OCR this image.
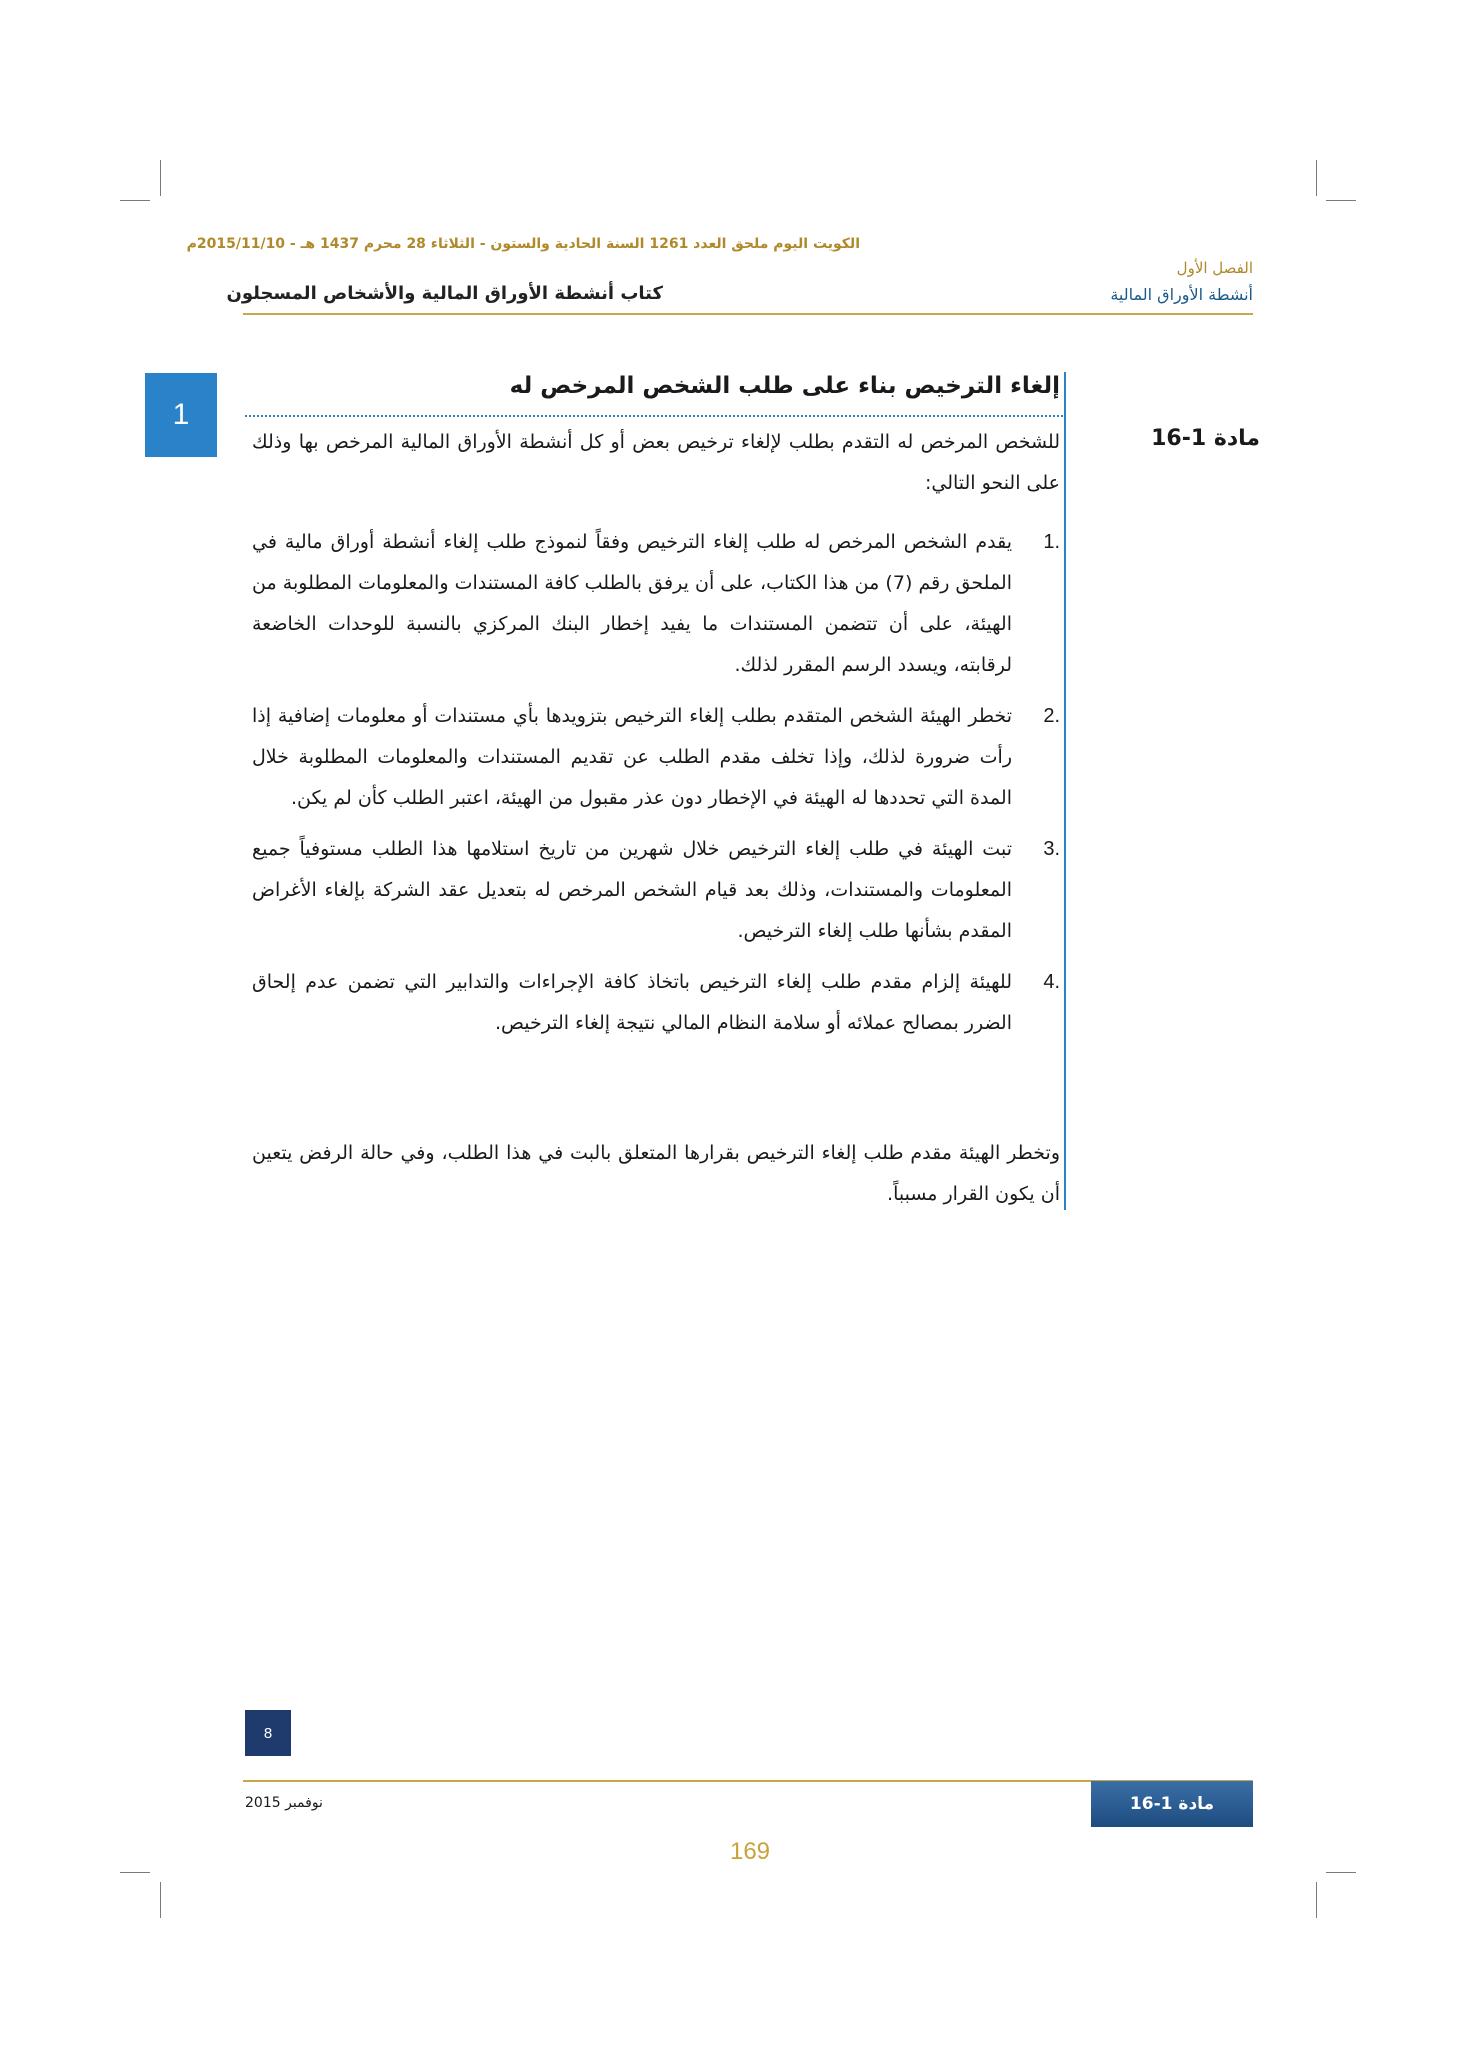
الكويت اليوم ملحق العدد 1261 السنة الحادية والستون - الثلاثاء 28 محرم 1437 هـ - 2015/11/10م
الفصل الأول
أنشطة الأوراق المالية
كتاب أنشطة الأوراق المالية والأشخاص المسجلون
1
مادة 1-16
إلغاء الترخيص بناء على طلب الشخص المرخص له
للشخص المرخص له التقدم بطلب لإلغاء ترخيص بعض أو كل أنشطة الأوراق المالية المرخص بها وذلك على النحو التالي:
.1
يقدم الشخص المرخص له طلب إلغاء الترخيص وفقاً لنموذج طلب إلغاء أنشطة أوراق مالية في الملحق رقم (7) من هذا الكتاب، على أن يرفق بالطلب كافة المستندات والمعلومات المطلوبة من الهيئة، على أن تتضمن المستندات ما يفيد إخطار البنك المركزي بالنسبة للوحدات الخاضعة لرقابته، ويسدد الرسم المقرر لذلك.
.2
تخطر الهيئة الشخص المتقدم بطلب إلغاء الترخيص بتزويدها بأي مستندات أو معلومات إضافية إذا رأت ضرورة لذلك، وإذا تخلف مقدم الطلب عن تقديم المستندات والمعلومات المطلوبة خلال المدة التي تحددها له الهيئة في الإخطار دون عذر مقبول من الهيئة، اعتبر الطلب كأن لم يكن.
.3
تبت الهيئة في طلب إلغاء الترخيص خلال شهرين من تاريخ استلامها هذا الطلب مستوفياً جميع المعلومات والمستندات، وذلك بعد قيام الشخص المرخص له بتعديل عقد الشركة بإلغاء الأغراض المقدم بشأنها طلب إلغاء الترخيص.
.4
للهيئة إلزام مقدم طلب إلغاء الترخيص باتخاذ كافة الإجراءات والتدابير التي تضمن عدم إلحاق الضرر بمصالح عملائه أو سلامة النظام المالي نتيجة إلغاء الترخيص.
وتخطر الهيئة مقدم طلب إلغاء الترخيص بقرارها المتعلق بالبت في هذا الطلب، وفي حالة الرفض يتعين أن يكون القرار مسبباً.
8
نوفمبر 2015	مادة 1-16
169
